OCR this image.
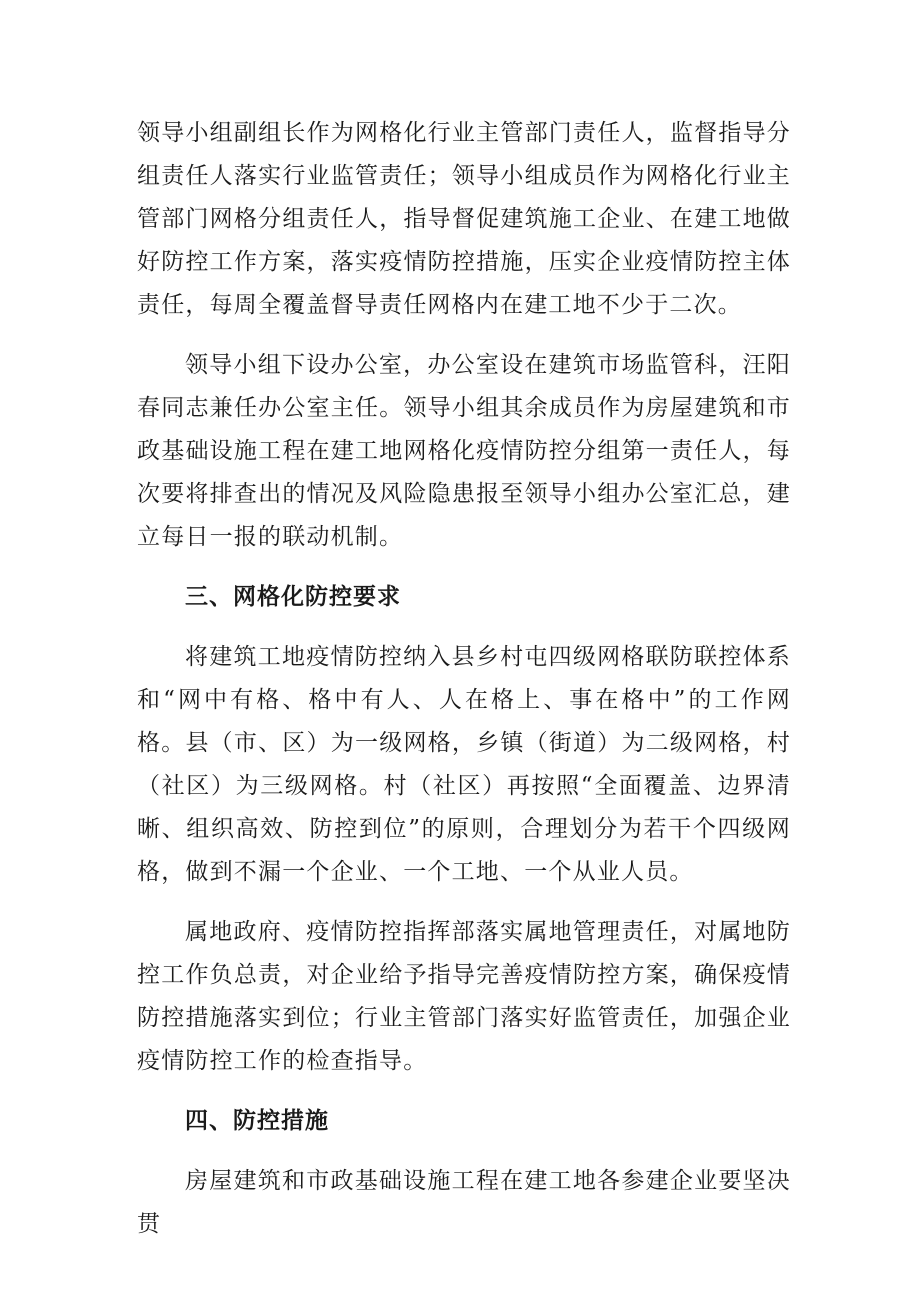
领导小组副组长作为网格化行业主管部门责任人，监督指导分组责任人落实行业监管责任；领导小组成员作为网格化行业主管部门网格分组责任人，指导督促建筑施工企业、在建工地做好防控工作方案，落实疫情防控措施，压实企业疫情防控主体责任，每周全覆盖督导责任网格内在建工地不少于二次。

领导小组下设办公室，办公室设在建筑市场监管科，汪阳春同志兼任办公室主任。领导小组其余成员作为房屋建筑和市政基础设施工程在建工地网格化疫情防控分组第一责任人，每次要将排查出的情况及风险隐患报至领导小组办公室汇总，建立每日一报的联动机制。

三、网格化防控要求

将建筑工地疫情防控纳入县乡村屯四级网格联防联控体系和“网中有格、格中有人、人在格上、事在格中”的工作网格。县（市、区）为一级网格，乡镇（街道）为二级网格，村（社区）为三级网格。村（社区）再按照“全面覆盖、边界清晰、组织高效、防控到位”的原则，合理划分为若干个四级网格，做到不漏一个企业、一个工地、一个从业人员。

属地政府、疫情防控指挥部落实属地管理责任，对属地防控工作负总责，对企业给予指导完善疫情防控方案，确保疫情防控措施落实到位；行业主管部门落实好监管责任，加强企业疫情防控工作的检查指导。

四、防控措施

房屋建筑和市政基础设施工程在建工地各参建企业要坚决贯
